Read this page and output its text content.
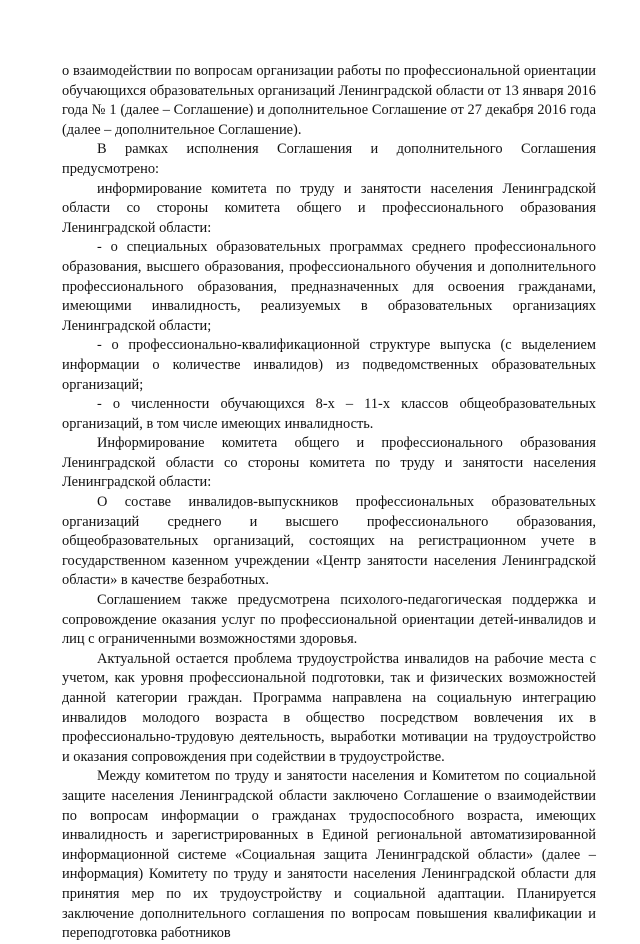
о взаимодействии по вопросам организации работы по профессиональной ориентации обучающихся образовательных организаций Ленинградской области от 13 января 2016 года № 1 (далее – Соглашение) и дополнительное Соглашение от 27 декабря 2016 года (далее – дополнительное Соглашение).

В рамках исполнения Соглашения и дополнительного Соглашения предусмотрено:

информирование комитета по труду и занятости населения Ленинградской области со стороны комитета общего и профессионального образования Ленинградской области:

- о специальных образовательных программах среднего профессионального образования, высшего образования, профессионального обучения и дополнительного профессионального образования, предназначенных для освоения гражданами, имеющими инвалидность, реализуемых в образовательных организациях Ленинградской области;

- о профессионально-квалификационной структуре выпуска (с выделением информации о количестве инвалидов) из подведомственных образовательных организаций;

- о численности обучающихся 8-х – 11-х классов общеобразовательных организаций, в том числе имеющих инвалидность.

Информирование комитета общего и профессионального образования Ленинградской области со стороны комитета по труду и занятости населения Ленинградской области:

О составе инвалидов-выпускников профессиональных образовательных организаций среднего и высшего профессионального образования, общеобразовательных организаций, состоящих на регистрационном учете в государственном казенном учреждении «Центр занятости населения Ленинградской области» в качестве безработных.

Соглашением также предусмотрена психолого-педагогическая поддержка и сопровождение оказания услуг по профессиональной ориентации детей-инвалидов и лиц с ограниченными возможностями здоровья.

Актуальной остается проблема трудоустройства инвалидов на рабочие места с учетом, как уровня профессиональной подготовки, так и физических возможностей данной категории граждан. Программа направлена на социальную интеграцию инвалидов молодого возраста в общество посредством вовлечения их в профессионально-трудовую деятельность, выработки мотивации на трудоустройство и оказания сопровождения при содействии в трудоустройстве.

Между комитетом по труду и занятости населения и Комитетом по социальной защите населения Ленинградской области заключено Соглашение о взаимодействии по вопросам информации о гражданах трудоспособного возраста, имеющих инвалидность и зарегистрированных в Единой региональной автоматизированной информационной системе «Социальная защита Ленинградской области» (далее – информация) Комитету по труду и занятости населения Ленинградской области для принятия мер по их трудоустройству и социальной адаптации. Планируется заключение дополнительного соглашения по вопросам повышения квалификации и переподготовка работников
